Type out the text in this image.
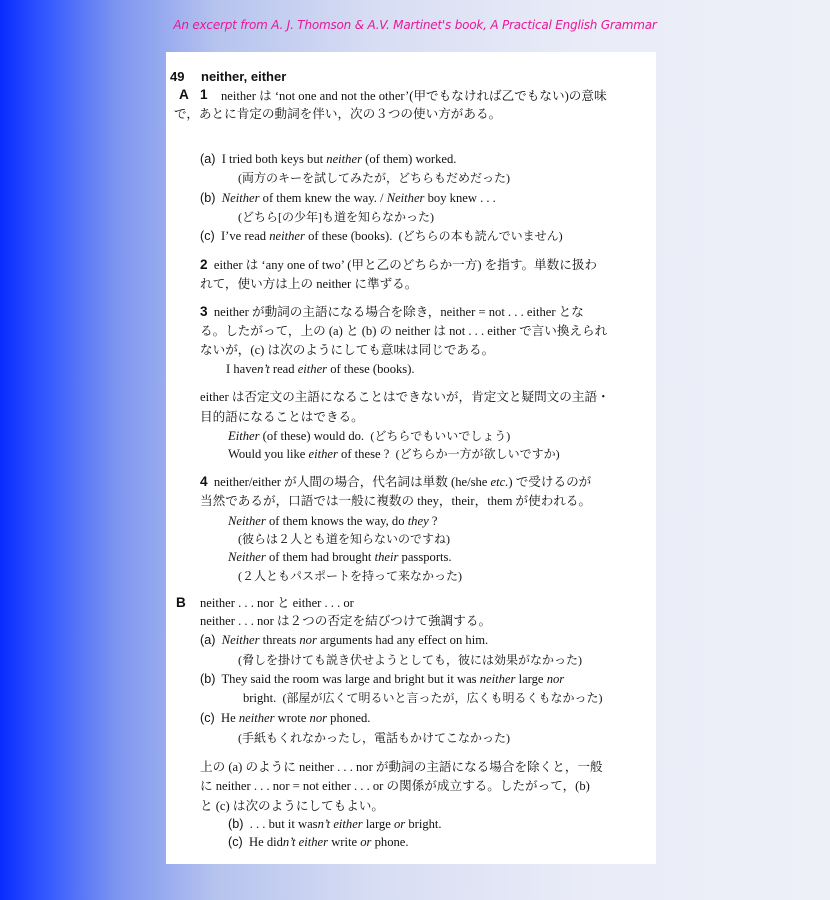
An excerpt from A. J. Thomson & A.V. Martinet's book, A Practical English Grammar
49 neither, either
A 1 neither は ‘not one and not the other’(甲でもなければ乙でもない)の意味
で，あとに肯定の動詞を伴い，次の３つの使い方がある。
(a) I tried both keys but neither (of them) worked.
(両方のキーを試してみたが，どちらもだめだった)
(b) Neither of them knew the way. / Neither boy knew . . .
(どちら[の少年]も道を知らなかった)
(c) I’ve read neither of these (books). (どちらの本も読んでいません)
2 either は ‘any one of two’ (甲と乙のどちらか一方) を指す。単数に扱わ
れて，使い方は上の neither に準ずる。
3 neither が動詞の主語になる場合を除き，neither = not . . . either とな
る。したがって，上の (a) と (b) の neither は not . . . either で言い換えられ
ないが，(c) は次のようにしても意味は同じである。
I haven’t read either of these (books).
either は否定文の主語になることはできないが，肯定文と疑問文の主語・
目的語になることはできる。
Either (of these) would do. (どちらでもいいでしょう)
Would you like either of these ? (どちらか一方が欲しいですか)
4 neither/either が人間の場合，代名詞は単数 (he/she etc.) で受けるのが
当然であるが，口語では一般に複数の they，their，them が使われる。
Neither of them knows the way, do they ?
(彼らは２人とも道を知らないのですね)
Neither of them had brought their passports.
(２人ともパスポートを持って来なかった)
B neither . . . nor と either . . . or
neither . . . nor は２つの否定を結びつけて強調する。
(a) Neither threats nor arguments had any effect on him.
(脅しを掛けても説き伏せようとしても，彼には効果がなかった)
(b) They said the room was large and bright but it was neither large nor
bright. (部屋が広くて明るいと言ったが，広くも明るくもなかった)
(c) He neither wrote nor phoned.
(手紙もくれなかったし，電話もかけてこなかった)
上の (a) のように neither . . . nor が動詞の主語になる場合を除くと，一般
に neither . . . nor = not either . . . or の関係が成立する。したがって，(b)
と (c) は次のようにしてもよい。
(b) . . . but it wasn’t either large or bright.
(c) He didn’t either write or phone.
